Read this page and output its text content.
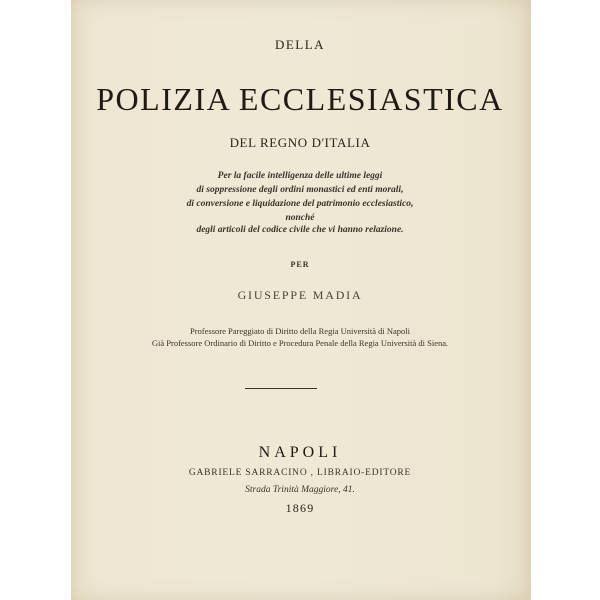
DELLA
POLIZIA ECCLESIASTICA
DEL REGNO D'ITALIA
Per la facile intelligenza delle ultime leggi
di soppressione degli ordini monastici ed enti morali,
di conversione e liquidazione del patrimonio ecclesiastico,
nonché
degli articoli del codice civile che vi hanno relazione.
PER
GIUSEPPE MADIA
Professore Pareggiato di Diritto della Regia Università di Napoli
Già Professore Ordinario di Diritto e Procedura Penale della Regia Università di Siena.
NAPOLI
GABRIELE SARRACINO , LIBRAIO-EDITORE
Strada Trinità Maggiore, 41.
1869
